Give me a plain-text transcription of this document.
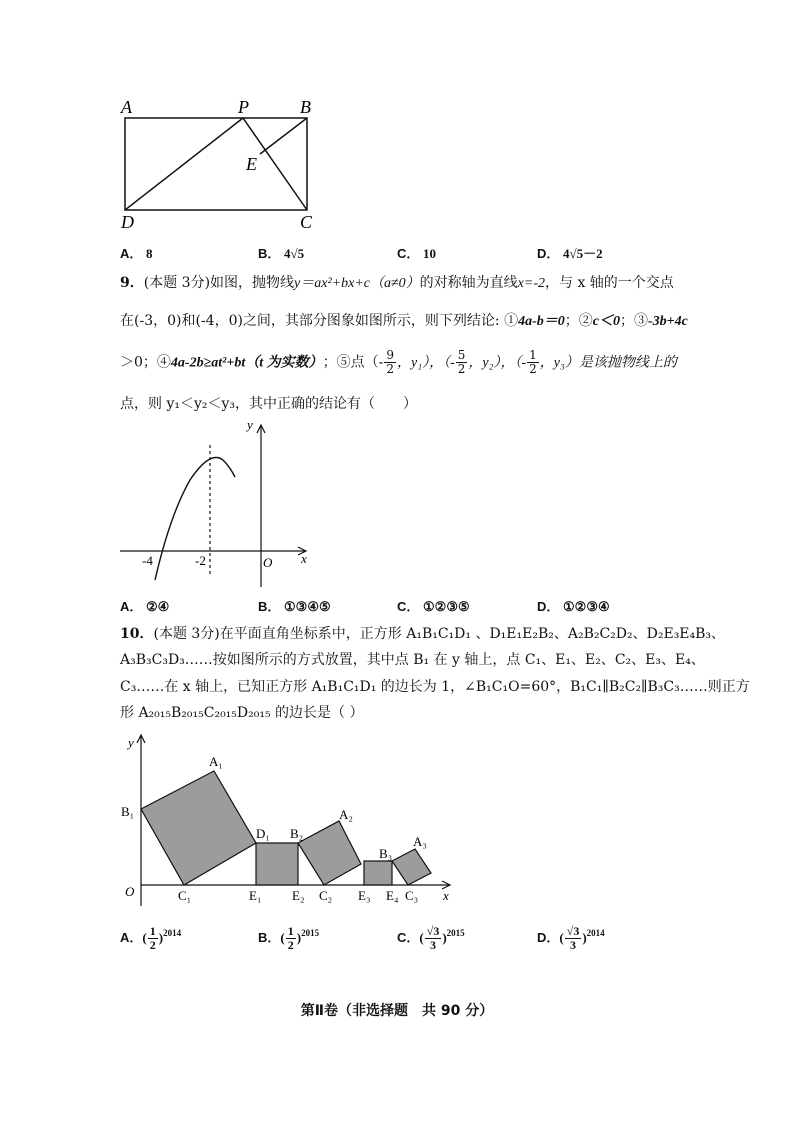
A	P	B
E
D	C
A． 8	B． 4√5	C． 10	D． 4√5－2
9．(本题 3分)如图，抛物线y＝ax²+bx+c（a≠0）的对称轴为直线x=-2，与 x 轴的一个交点
在(-3，0)和(-4，0)之间，其部分图象如图所示，则下列结论: ①4a-b＝0；②c＜0；③-3b+4c
＞0；④4a-2b≥at²+bt（t 为实数）；⑤点（- $\frac{9}{2}$ ，y₁），（- $\frac{5}{2}$ ，y₂），（- $\frac{1}{2}$ ，y₃）是该抛物线上的
点，则 y₁＜y₂＜y₃，其中正确的结论有（　　）
y
x
O
-4	-2
A． ②④	B． ①③④⑤	C． ①②③⑤	D． ①②③④
10．(本题 3分)在平面直角坐标系中，正方形 A₁B₁C₁D₁ 、D₁E₁E₂B₂、A₂B₂C₂D₂、D₂E₃E₄B₃、
A₃B₃C₃D₃……按如图所示的方式放置，其中点 B₁ 在 y 轴上，点 C₁、E₁、E₂、C₂、E₃、E₄、
C₃……在 x 轴上，已知正方形 A₁B₁C₁D₁ 的边长为 1，∠B₁C₁O=60°，B₁C₁∥B₂C₂∥B₃C₃……则正方
形 A₂₀₁₅B₂₀₁₅C₂₀₁₅D₂₀₁₅ 的边长是（ ）
y
x
O
A₁
B₁
C₁
D₁
E₁
B₂
E₂
A₂
C₂ E₃
B₃
E₄
A₃
C₃
A．( $\frac{1}{2} )^{2014}$	B．( $\frac{1}{2} )^{2015}$	C．( $\frac{√3}{3} )^{2015}$	D．( $\frac{√3}{3} )^{2014}$
第Ⅱ卷（非选择题　共 90 分）
